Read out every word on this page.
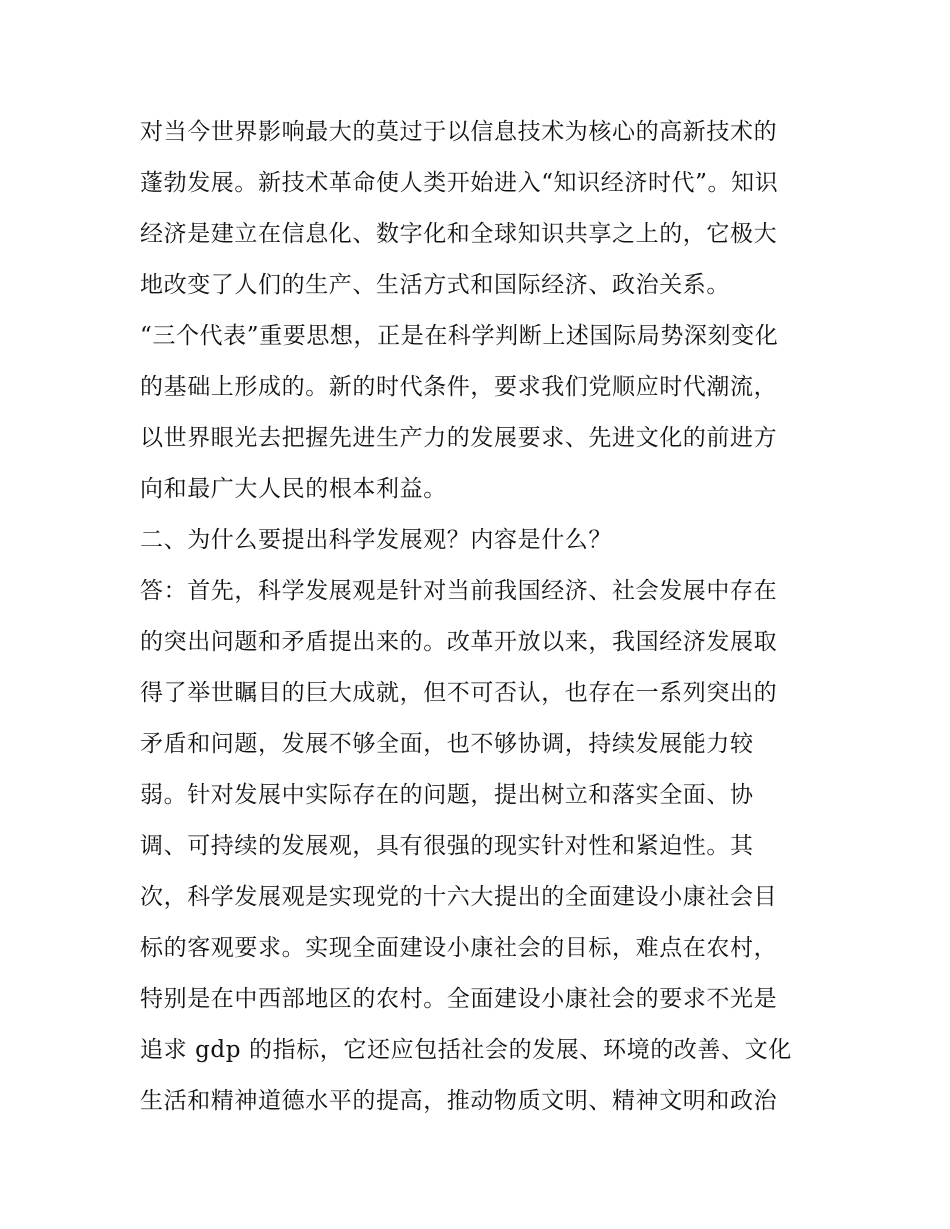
对当今世界影响最大的莫过于以信息技术为核心的高新技术的
蓬勃发展。新技术革命使人类开始进入“知识经济时代”。知识
经济是建立在信息化、数字化和全球知识共享之上的，它极大
地改变了人们的生产、生活方式和国际经济、政治关系。
“三个代表”重要思想，正是在科学判断上述国际局势深刻变化
的基础上形成的。新的时代条件，要求我们党顺应时代潮流，
以世界眼光去把握先进生产力的发展要求、先进文化的前进方
向和最广大人民的根本利益。
二、为什么要提出科学发展观？内容是什么？
答：首先，科学发展观是针对当前我国经济、社会发展中存在
的突出问题和矛盾提出来的。改革开放以来，我国经济发展取
得了举世瞩目的巨大成就，但不可否认，也存在一系列突出的
矛盾和问题，发展不够全面，也不够协调，持续发展能力较
弱。针对发展中实际存在的问题，提出树立和落实全面、协
调、可持续的发展观，具有很强的现实针对性和紧迫性。其
次，科学发展观是实现党的十六大提出的全面建设小康社会目
标的客观要求。实现全面建设小康社会的目标，难点在农村，
特别是在中西部地区的农村。全面建设小康社会的要求不光是
追求 gdp 的指标，它还应包括社会的发展、环境的改善、文化
生活和精神道德水平的提高，推动物质文明、精神文明和政治
